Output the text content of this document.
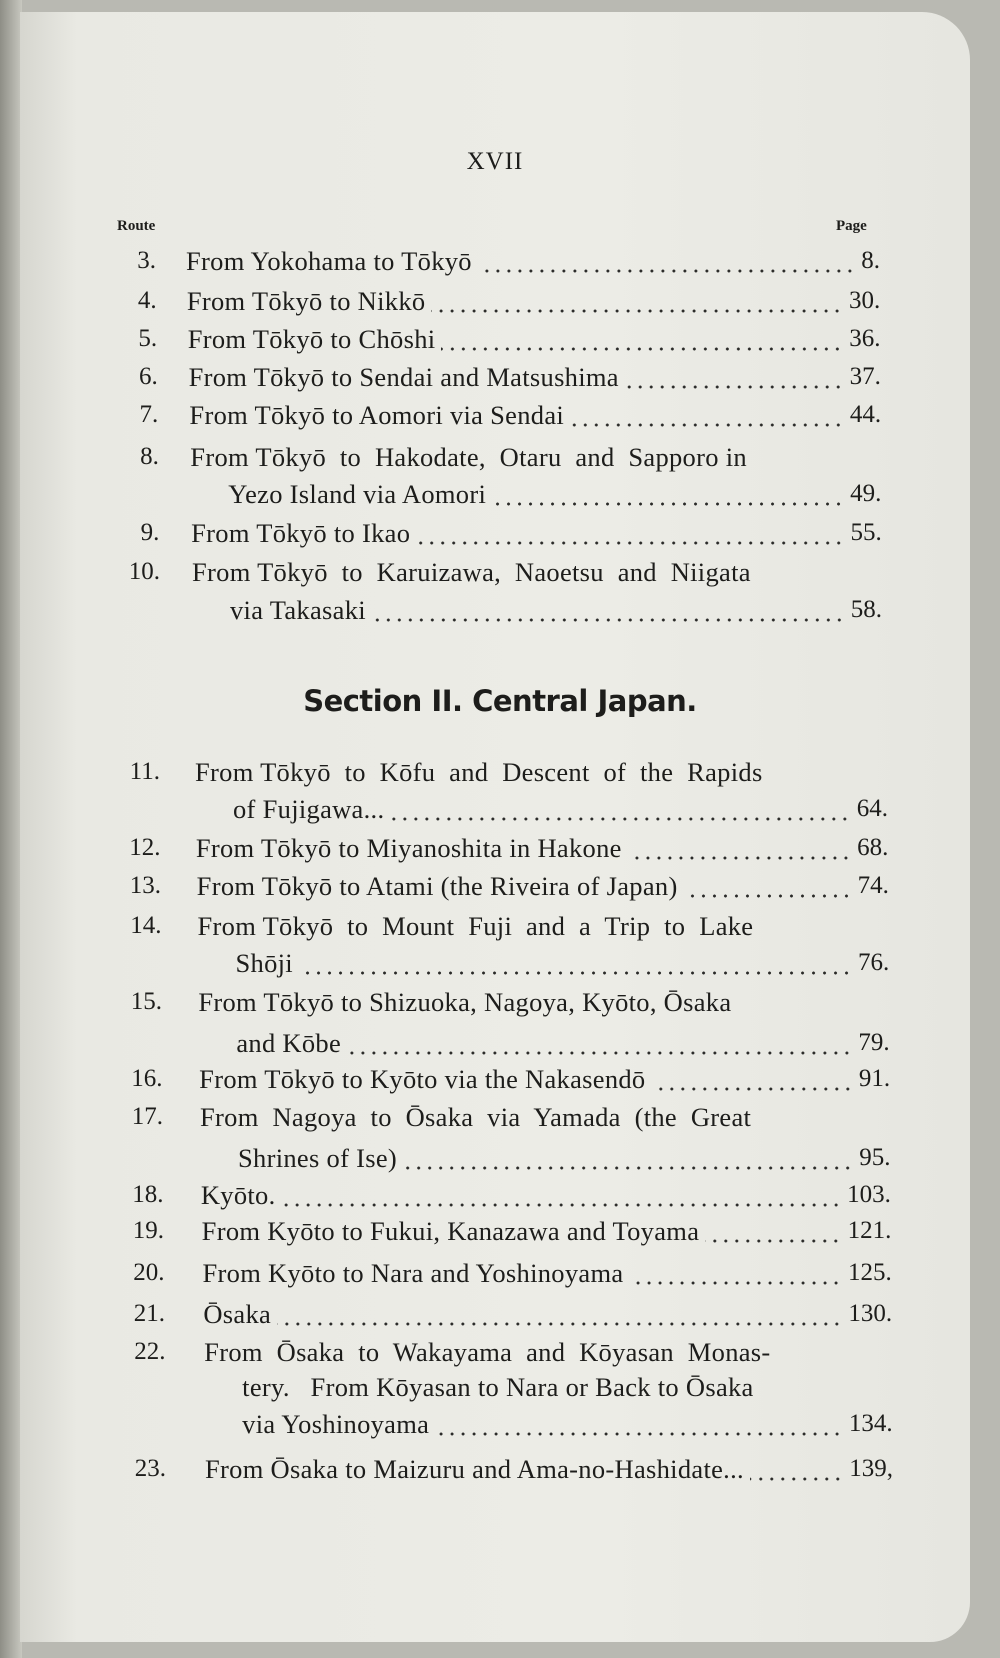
XVII
Route	Page
Section II. Central Japan.
3. From Yokohama to Tōkyō	8.
4. From Tōkyō to Nikkō	30.
5. From Tōkyō to Chōshi	36.
6. From Tōkyō to Sendai and Matsushima	37.
7. From Tōkyō to Aomori via Sendai	44.
8. From Tōkyō  to  Hakodate,  Otaru  and  Sapporo in
Yezo Island via Aomori	49.
9. From Tōkyō to Ikao	55.
10. From Tōkyō  to  Karuizawa,  Naoetsu  and  Niigata
via Takasaki	58.
11. From Tōkyō  to  Kōfu  and  Descent  of  the  Rapids
of Fujigawa...	64.
12. From Tōkyō to Miyanoshita in Hakone	68.
13. From Tōkyō to Atami (the Riveira of Japan)	74.
14. From Tōkyō  to  Mount  Fuji  and  a  Trip  to  Lake
Shōji	76.
15. From Tōkyō to Shizuoka, Nagoya, Kyōto, Ōsaka
and Kōbe	79.
16. From Tōkyō to Kyōto via the Nakasendō	91.
17. From  Nagoya  to  Ōsaka  via  Yamada  (the  Great
Shrines of Ise)	95.
18. Kyōto.	103.
19. From Kyōto to Fukui, Kanazawa and Toyama	121.
20. From Kyōto to Nara and Yoshinoyama	125.
21. Ōsaka	130.
22. From  Ōsaka  to  Wakayama  and  Kōyasan  Monas-
tery.   From Kōyasan to Nara or Back to Ōsaka
via Yoshinoyama	134.
23. From Ōsaka to Maizuru and Ama-no-Hashidate...	139,
